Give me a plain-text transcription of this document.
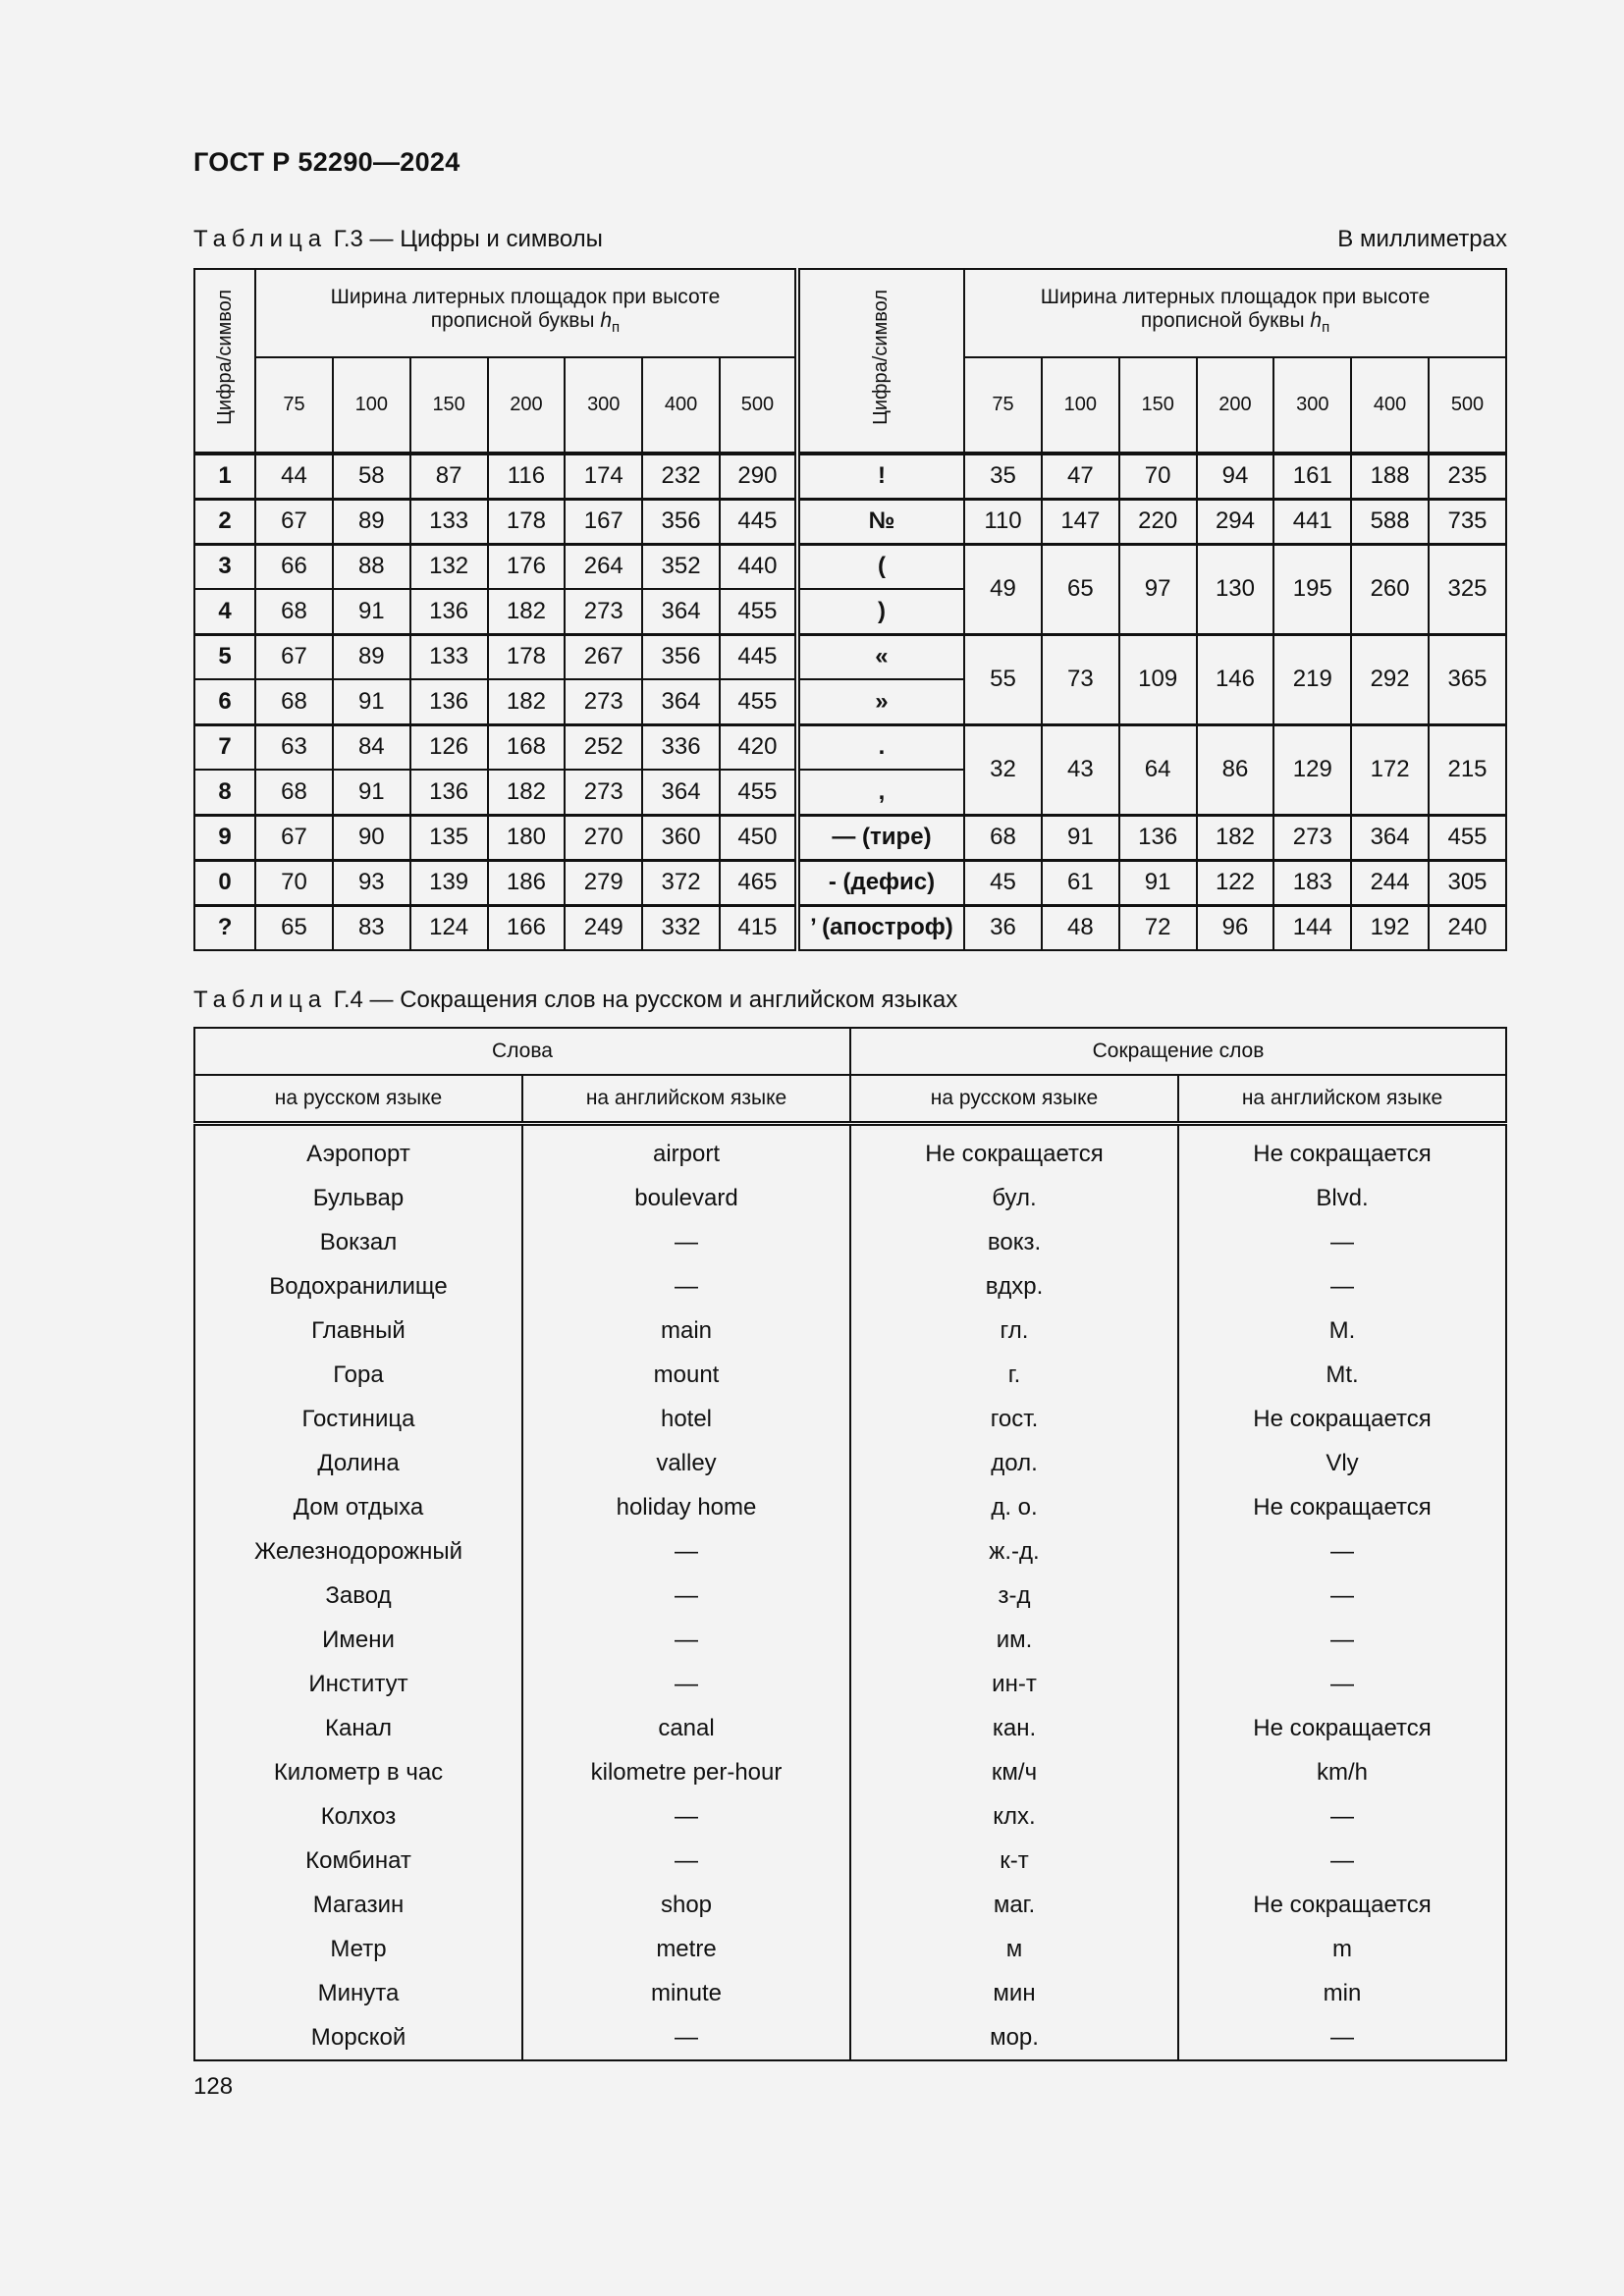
ГОСТ Р 52290—2024
Таблица Г.3 — Цифры и символы	В миллиметрах
Цифра/символ	Ширина литерных площадок при высоте
прописной буквы $h_п$							Цифра/символ	Ширина литерных площадок при высоте
прописной буквы $h_п$
	75	100	150	200	300	400	500		75	100	150	200	300	400	500
1	44	58	87	116	174	232	290	!	35	47	70	94	161	188	235
2	67	89	133	178	167	356	445	№	110	147	220	294	441	588	735
3	66	88	132	176	264	352	440	(	49	65	97	130	195	260	325
4	68	91	136	182	273	364	455	)							
5	67	89	133	178	267	356	445	«	55	73	109	146	219	292	365
6	68	91	136	182	273	364	455	»							
7	63	84	126	168	252	336	420	.	32	43	64	86	129	172	215
8	68	91	136	182	273	364	455	,							
9	67	90	135	180	270	360	450	— (тире)	68	91	136	182	273	364	455
0	70	93	139	186	279	372	465	- (дефис)	45	61	91	122	183	244	305
?	65	83	124	166	249	332	415	’ (апостроф)	36	48	72	96	144	192	240
Таблица Г.4 — Сокращения слов на русском и английском языках
Слова		Сокращение слов	
на русском языке	на английском языке	на русском языке	на английском языке
Аэропорт	airport	Не сокращается	Не сокращается
Бульвар	boulevard	бул.	Blvd.
Вокзал	—	вокз.	—
Водохранилище	—	вдхр.	—
Главный	main	гл.	M.
Гора	mount	г.	Mt.
Гостиница	hotel	гост.	Не сокращается
Долина	valley	дол.	Vly
Дом отдыха	holiday home	д. о.	Не сокращается
Железнодорожный	—	ж.-д.	—
Завод	—	з-д	—
Имени	—	им.	—
Институт	—	ин-т	—
Канал	canal	кан.	Не сокращается
Километр в час	kilometre per-hour	км/ч	km/h
Колхоз	—	клх.	—
Комбинат	—	к-т	—
Магазин	shop	маг.	Не сокращается
Метр	metre	м	m
Минута	minute	мин	min
Морской	—	мор.	—
128
